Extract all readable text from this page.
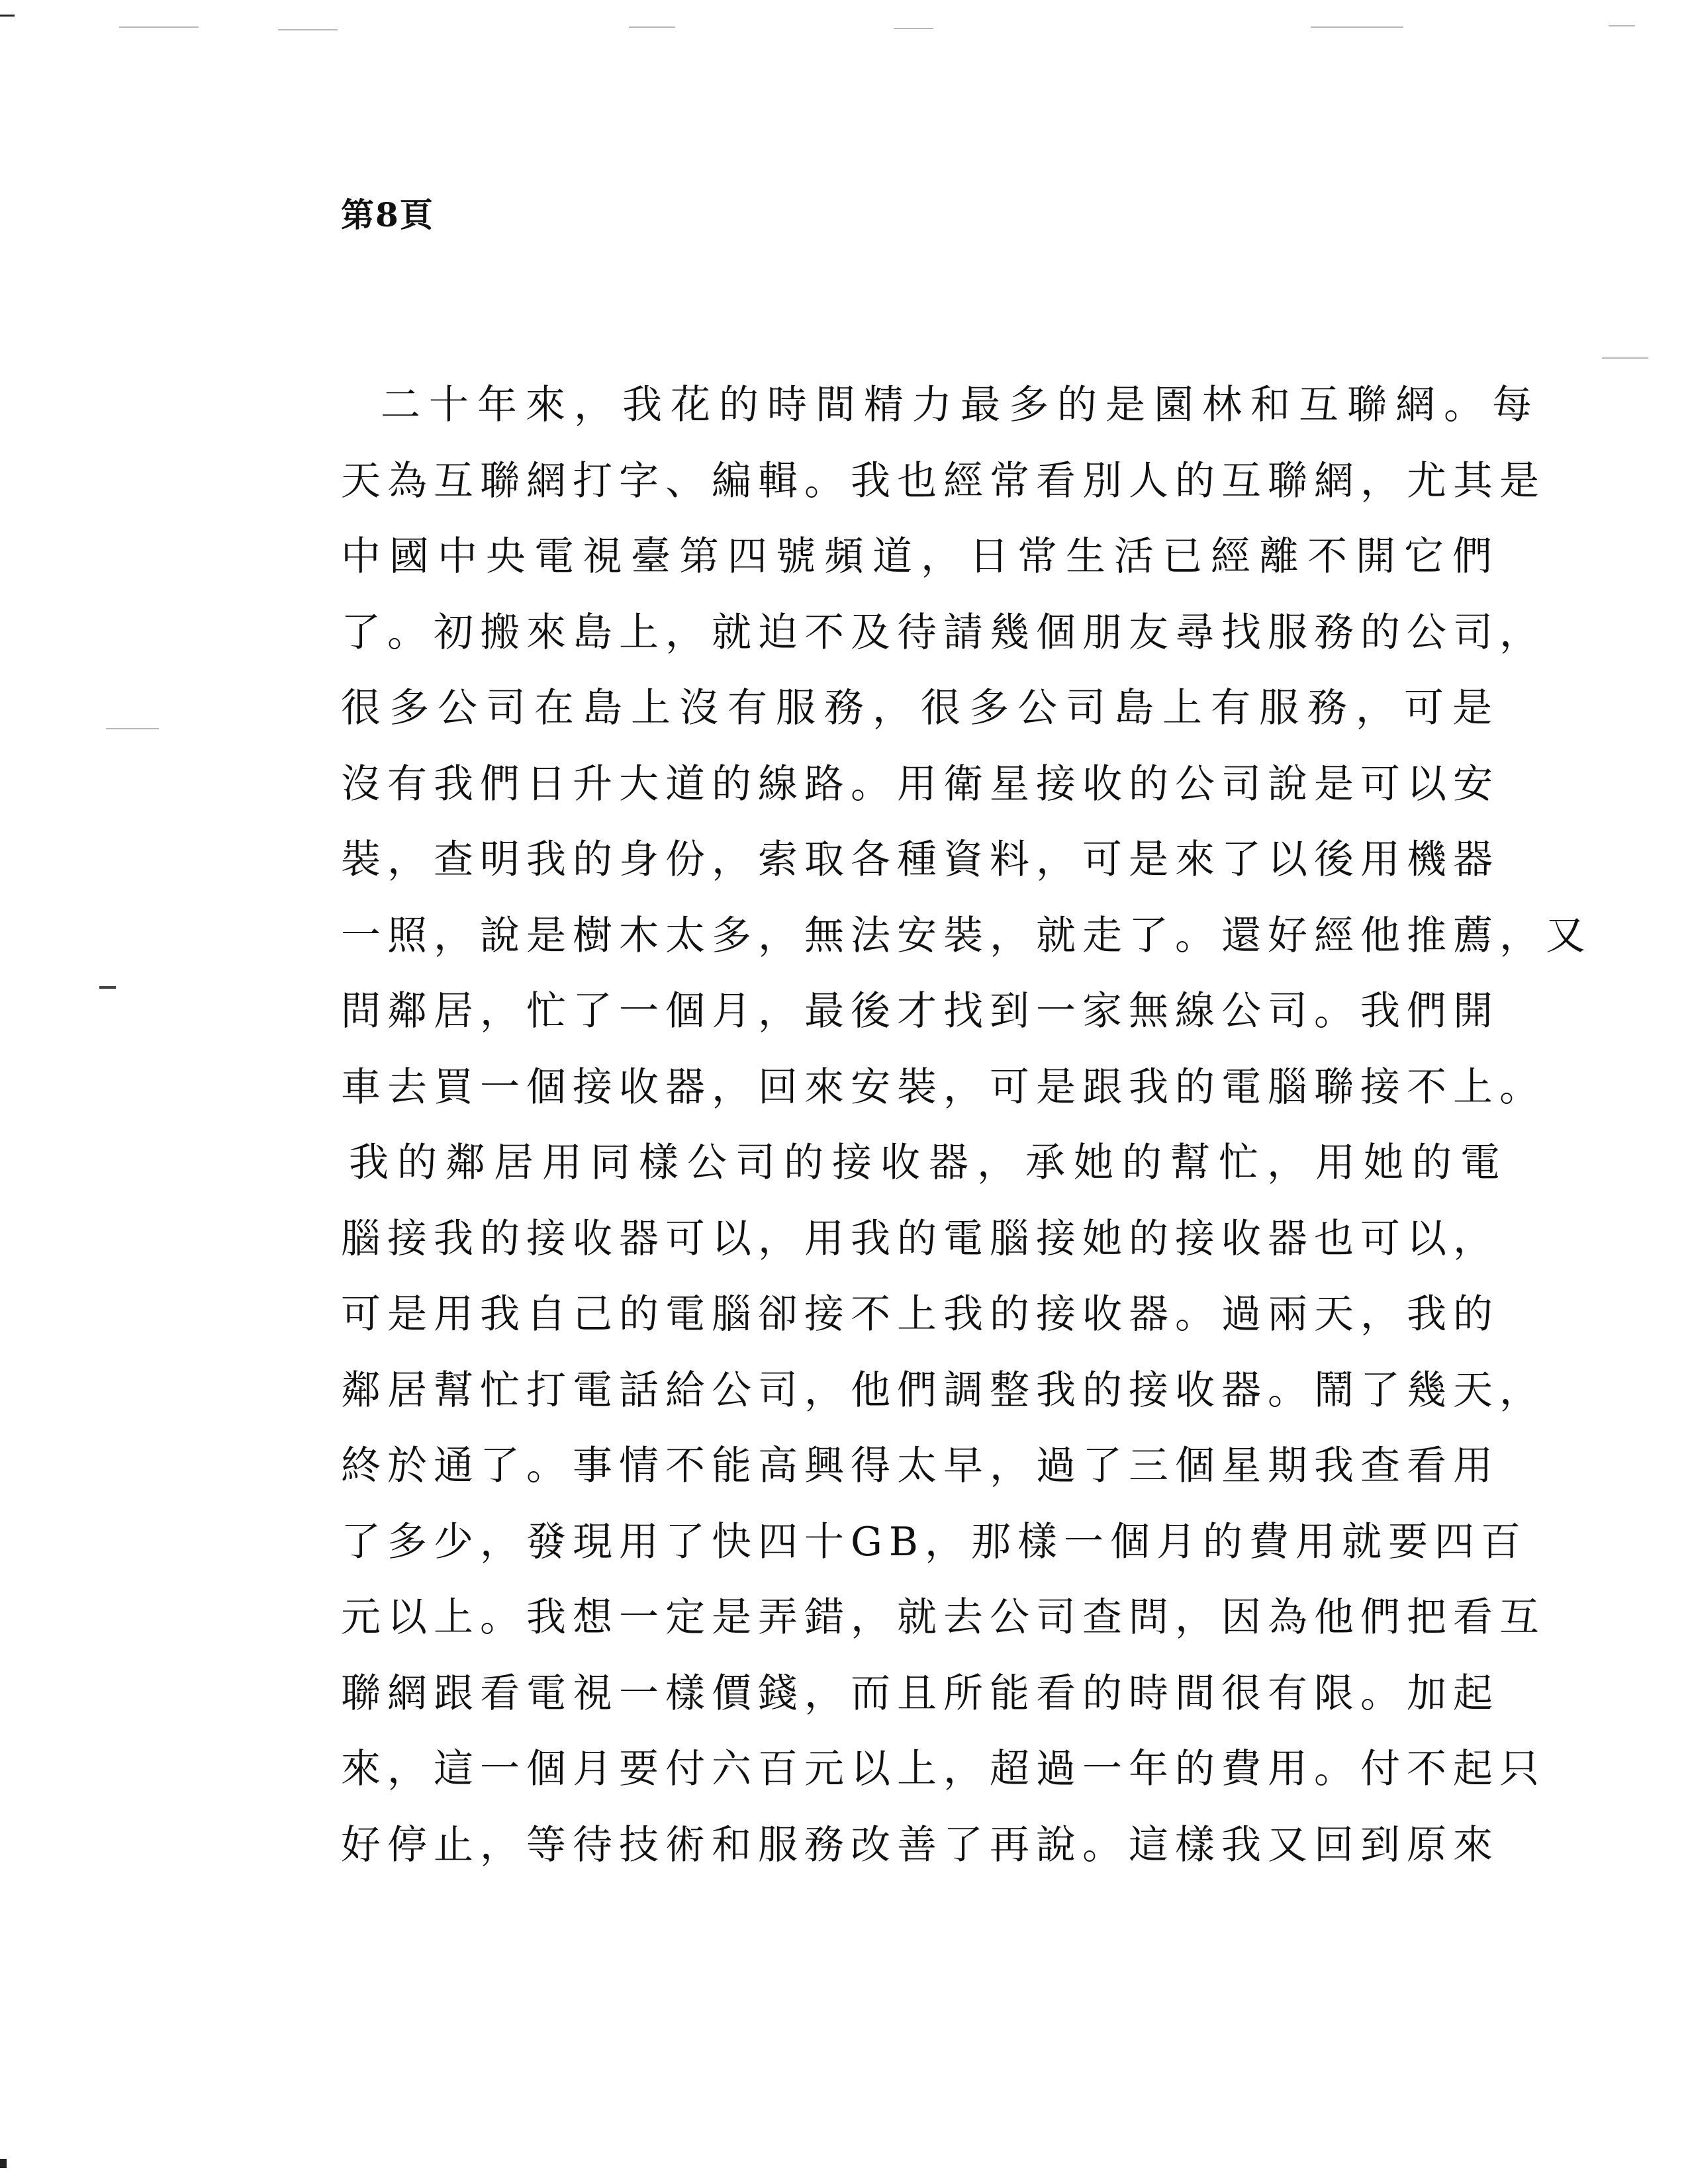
第8頁
二十年來，我花的時間精力最多的是園林和互聯網。每
天為互聯網打字、編輯。我也經常看別人的互聯網，尤其是
中國中央電視臺第四號頻道，日常生活已經離不開它們
了。初搬來島上，就迫不及待請幾個朋友尋找服務的公司，
很多公司在島上沒有服務，很多公司島上有服務，可是
沒有我們日升大道的線路。用衛星接收的公司說是可以安
裝，查明我的身份，索取各種資料，可是來了以後用機器
一照，說是樹木太多，無法安裝，就走了。還好經他推薦，又
問鄰居，忙了一個月，最後才找到一家無線公司。我們開
車去買一個接收器，回來安裝，可是跟我的電腦聯接不上。
我的鄰居用同樣公司的接收器，承她的幫忙，用她的電
腦接我的接收器可以，用我的電腦接她的接收器也可以，
可是用我自己的電腦卻接不上我的接收器。過兩天，我的
鄰居幫忙打電話給公司，他們調整我的接收器。鬧了幾天，
終於通了。事情不能高興得太早，過了三個星期我查看用
了多少，發現用了快四十GB，那樣一個月的費用就要四百
元以上。我想一定是弄錯，就去公司查問，因為他們把看互
聯網跟看電視一樣價錢，而且所能看的時間很有限。加起
來，這一個月要付六百元以上，超過一年的費用。付不起只
好停止，等待技術和服務改善了再說。這樣我又回到原來
